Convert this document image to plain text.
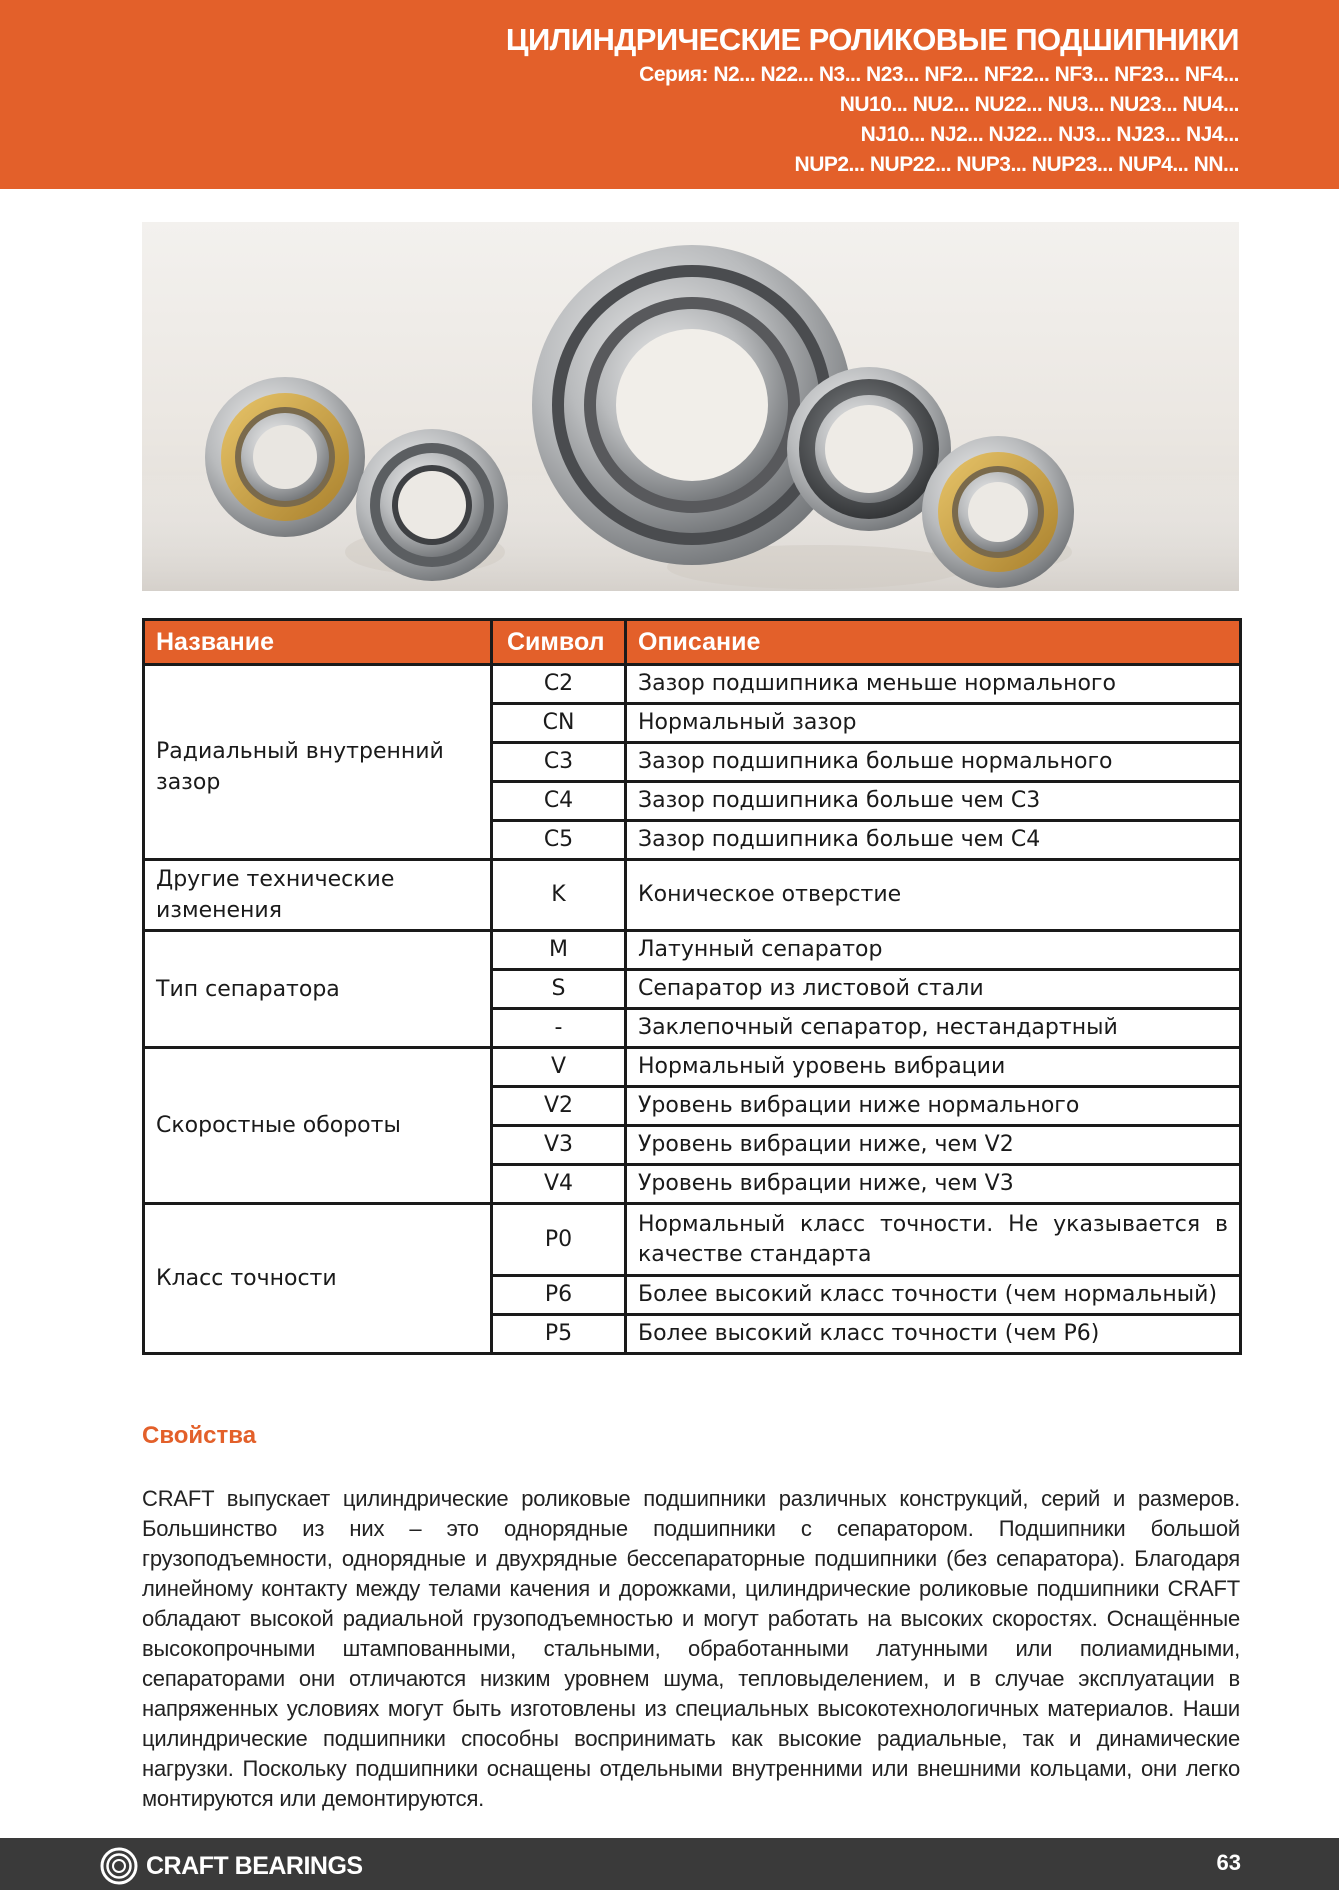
ЦИЛИНДРИЧЕСКИЕ РОЛИКОВЫЕ ПОДШИПНИКИ
Серия: N2... N22... N3... N23... NF2... NF22... NF3... NF23... NF4...
NU10... NU2... NU22... NU3... NU23... NU4...
NJ10... NJ2... NJ22... NJ3... NJ23... NJ4...
NUP2... NUP22... NUP3... NUP23... NUP4... NN...
Название	Символ	Описание
Радиальный внутренний зазор	C2	Зазор подшипника меньше нормального
	CN	Нормальный зазор
	C3	Зазор подшипника больше нормального
	C4	Зазор подшипника больше чем C3
	C5	Зазор подшипника больше чем C4
Другие технические изменения	K	Коническое отверстие
Тип сепаратора	M	Латунный сепаратор
	S	Сепаратор из листовой стали
	-	Заклепочный сепаратор, нестандартный
Скоростные обороты	V	Нормальный уровень вибрации
	V2	Уровень вибрации ниже нормального
	V3	Уровень вибрации ниже, чем V2
	V4	Уровень вибрации ниже, чем V3
Класс точности	P0	Нормальный класс точности. Не указывается в качестве стандарта
	P6	Более высокий класс точности (чем нормальный)
	P5	Более высокий класс точности (чем P6)
Свойства
CRAFT выпускает цилиндрические роликовые подшипники различных конструкций, серий и размеров. Большинство из них – это однорядные подшипники с сепаратором. Подшипники большой грузоподъемности, однорядные и двухрядные бессепараторные подшипники (без сепаратора). Благодаря линейному контакту между телами качения и дорожками, цилиндрические роликовые подшипники CRAFT обладают высокой радиальной грузоподъемностью и могут работать на высоких скоростях. Оснащённые высокопрочными штампованными, стальными, обработанными латунными или полиамидными, сепараторами они отличаются низким уровнем шума, тепловыделением, и в случае эксплуатации в напряженных условиях могут быть изготовлены из специальных высокотехнологичных материалов. Наши цилиндрические подшипники способны воспринимать как высокие радиальные, так и динамические нагрузки. Поскольку подшипники оснащены отдельными внутренними или внешними кольцами, они легко монтируются или демонтируются.
CRAFT BEARINGS	63
